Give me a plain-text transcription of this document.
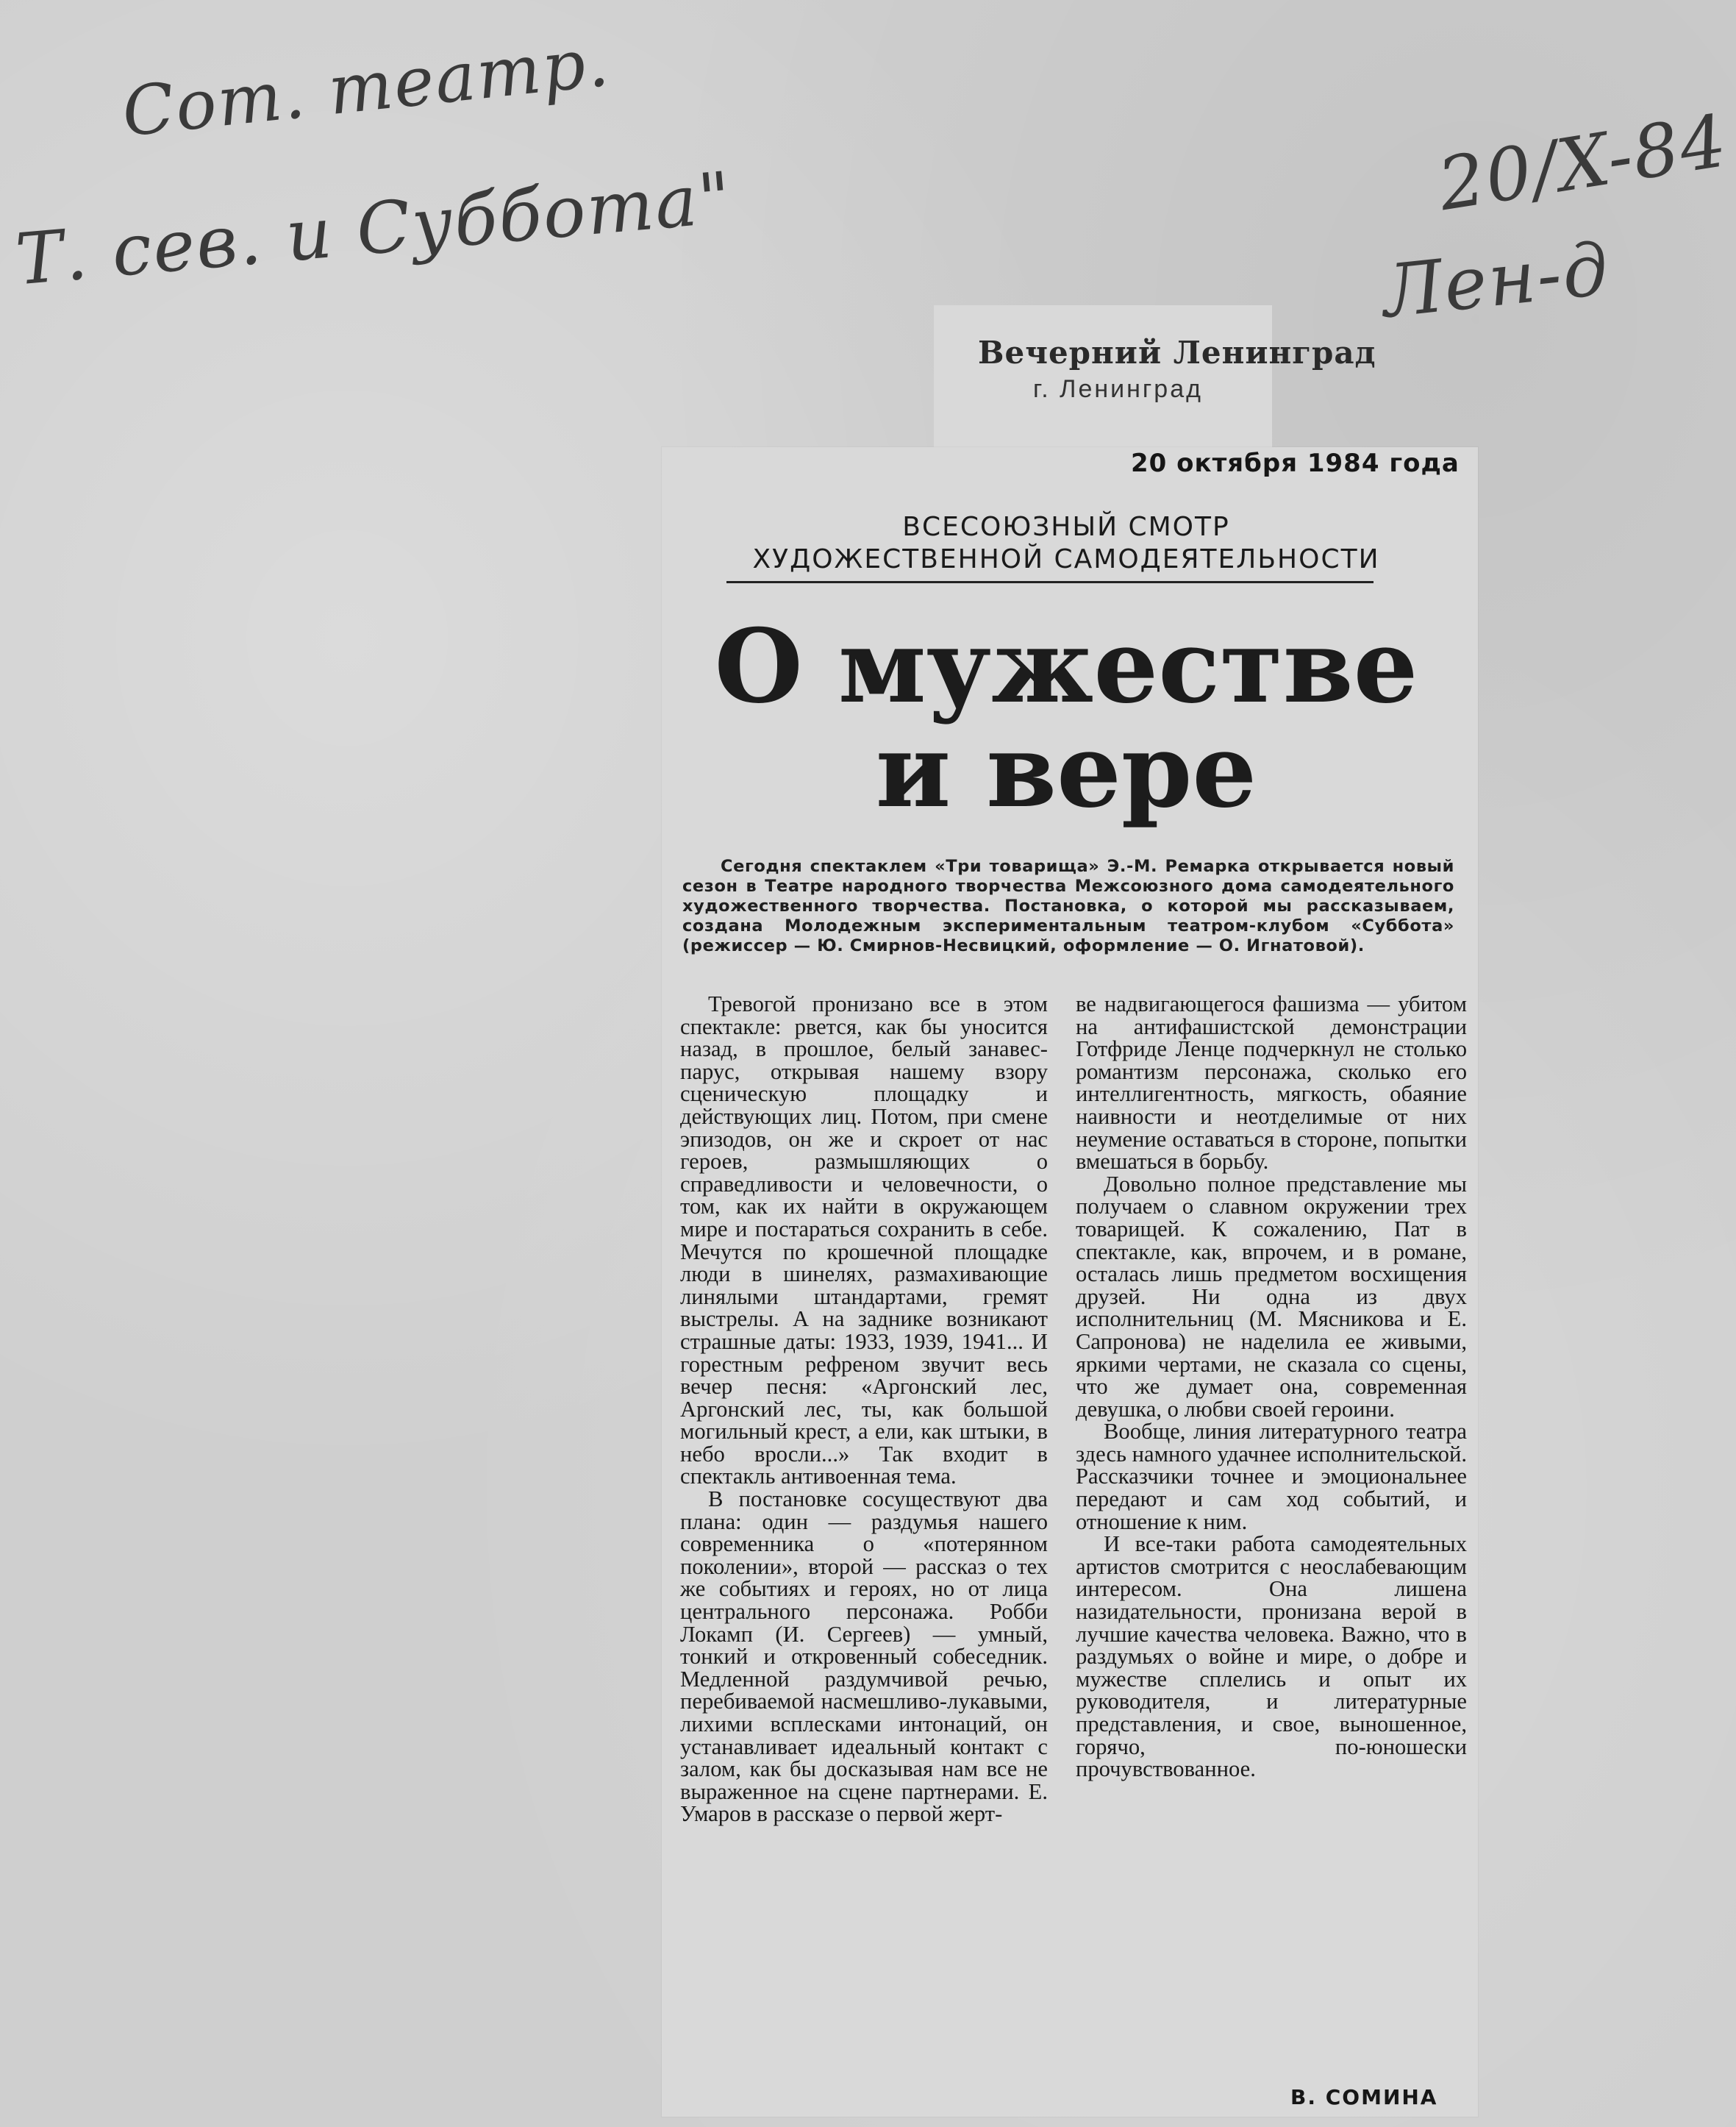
Сот. театр.
Т. сев. и Суббота"	20/X-84
Лен-д
Вечерний Ленинград
г. Ленинград
20 октября 1984 года
ВСЕСОЮЗНЫЙ СМОТР
ХУДОЖЕСТВЕННОЙ САМОДЕЯТЕЛЬНОСТИ
О мужестве
и вере
Сегодня спектаклем «Три товарища» Э.-М. Ремарка открывается новый сезон в Театре народного творчества Межсоюзного дома самодеятельного художественного творчества. Постановка, о которой мы рассказываем, создана Молодежным экспериментальным театром-клубом «Суббота» (режиссер — Ю. Смирнов-Несвицкий, оформление — О. Игнатовой).

Тревогой пронизано все в этом спектакле: рвется, как бы уносится назад, в прошлое, белый занавес-парус, открывая нашему взору сценическую площадку и действующих лиц. Потом, при смене эпизодов, он же и скроет от нас героев, размышляющих о справедливости и человечности, о том, как их найти в окружающем мире и постараться сохранить в себе. Мечутся по крошечной площадке люди в шинелях, размахивающие линялыми штандартами, гремят выстрелы. А на заднике возникают страшные даты: 1933, 1939, 1941... И горестным рефреном звучит весь вечер песня: «Аргонский лес, Аргонский лес, ты, как большой могильный крест, а ели, как штыки, в небо вросли...» Так входит в спектакль антивоенная тема.

В постановке сосуществуют два плана: один — раздумья нашего современника о «потерянном поколении», второй — рассказ о тех же событиях и героях, но от лица центрального персонажа. Робби Локамп (И. Сергеев) — умный, тонкий и откровенный собеседник. Медленной раздумчивой речью, перебиваемой насмешливо-лукавыми, лихими всплесками интонаций, он устанавливает идеальный контакт с залом, как бы досказывая нам все не выраженное на сцене партнерами. Е. Умаров в рассказе о первой жерт-

ве надвигающегося фашизма — убитом на антифашистской демонстрации Готфриде Ленце подчеркнул не столько романтизм персонажа, сколько его интеллигентность, мягкость, обаяние наивности и неотделимые от них неумение оставаться в стороне, попытки вмешаться в борьбу.

Довольно полное представление мы получаем о славном окружении трех товарищей. К сожалению, Пат в спектакле, как, впрочем, и в романе, осталась лишь предметом восхищения друзей. Ни одна из двух исполнительниц (М. Мясникова и Е. Сапронова) не наделила ее живыми, яркими чертами, не сказала со сцены, что же думает она, современная девушка, о любви своей героини.

Вообще, линия литературного театра здесь намного удачнее исполнительской. Рассказчики точнее и эмоциональнее передают и сам ход событий, и отношение к ним.

И все-таки работа самодеятельных артистов смотрится с неослабевающим интересом. Она лишена назидательности, пронизана верой в лучшие качества человека. Важно, что в раздумьях о войне и мире, о добре и мужестве сплелись и опыт их руководителя, и литературные представления, и свое, выношенное, горячо, по-юношески прочувствованное.

В. СОМИНА
